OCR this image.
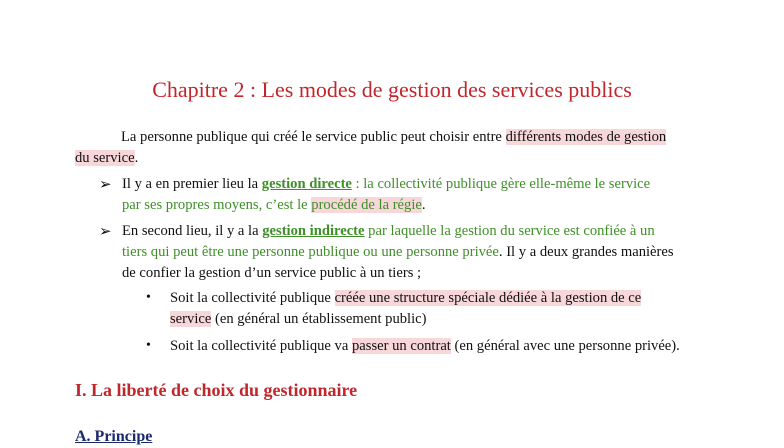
Chapitre 2 : Les modes de gestion des services publics
La personne publique qui créé le service public peut choisir entre différents modes de gestion
du service.
➢ Il y a en premier lieu la gestion directe : la collectivité publique gère elle-même le service
par ses propres moyens, c’est le procédé de la régie.
➢ En second lieu, il y a la gestion indirecte par laquelle la gestion du service est confiée à un
tiers qui peut être une personne publique ou une personne privée. Il y a deux grandes manières
de confier la gestion d’un service public à un tiers ;
• Soit la collectivité publique créée une structure spéciale dédiée à la gestion de ce
service (en général un établissement public)
• Soit la collectivité publique va passer un contrat (en général avec une personne privée).
I. La liberté de choix du gestionnaire
A. Principe
